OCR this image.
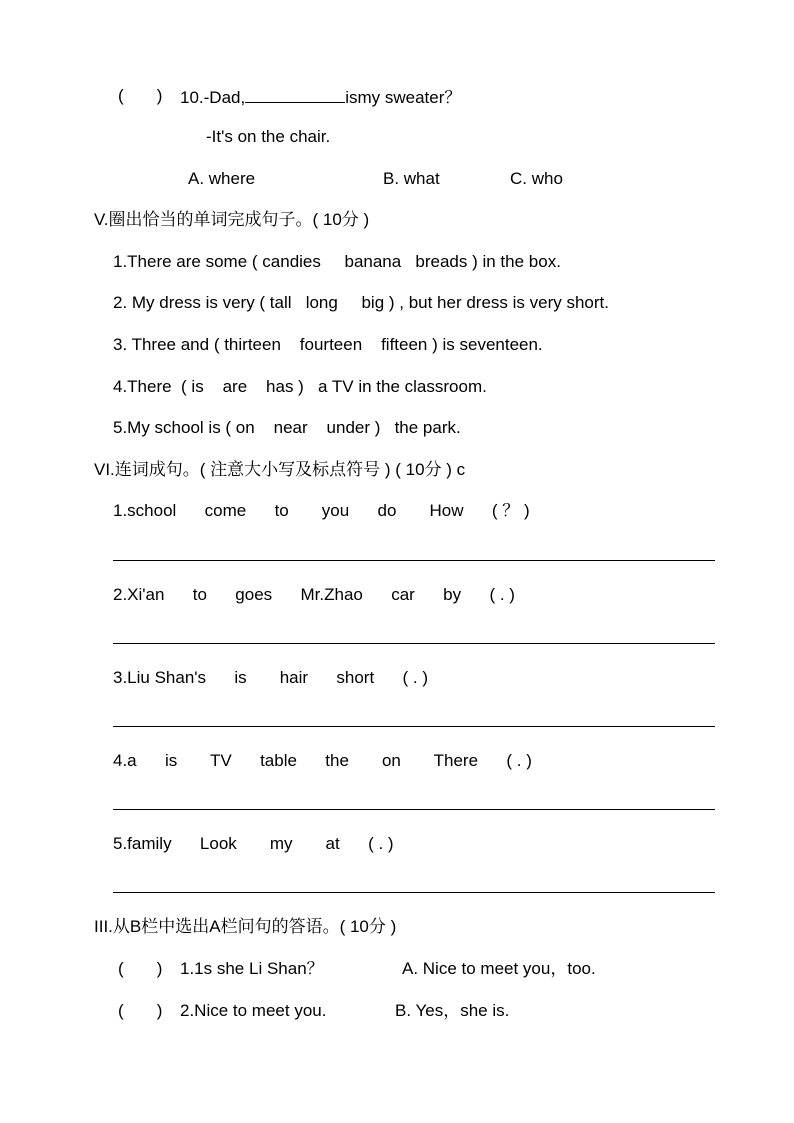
(       ) 10.-Dad,	ismy sweater？
-It's on the chair.
A. where	B. what	C. who
V.圈出恰当的单词完成句子。( 10分 )
1.There are some ( candies     banana   breads ) in the box.
2. My dress is very ( tall   long     big ) , but her dress is very short.
3. Three and ( thirteen    fourteen    fifteen ) is seventeen.
4.There  ( is    are    has )   a TV in the classroom.
5.My school is ( on    near    under )   the park.
VI.连词成句。( 注意大小写及标点符号 ) ( 10分 ) c
1.school      come      to       you      do       How      ( ？ )
2.Xi'an      to      goes      Mr.Zhao      car      by      ( . )
3.Liu Shan's      is       hair      short      ( . )
4.a      is       TV      table      the       on       There      ( . )
5.family      Look       my       at      ( . )
III.从B栏中选出A栏问句的答语。( 10分 )
(       ) 1.1s she Li Shan？	A. Nice to meet you，too.
(       ) 2.Nice to meet you.	B. Yes，she is.
